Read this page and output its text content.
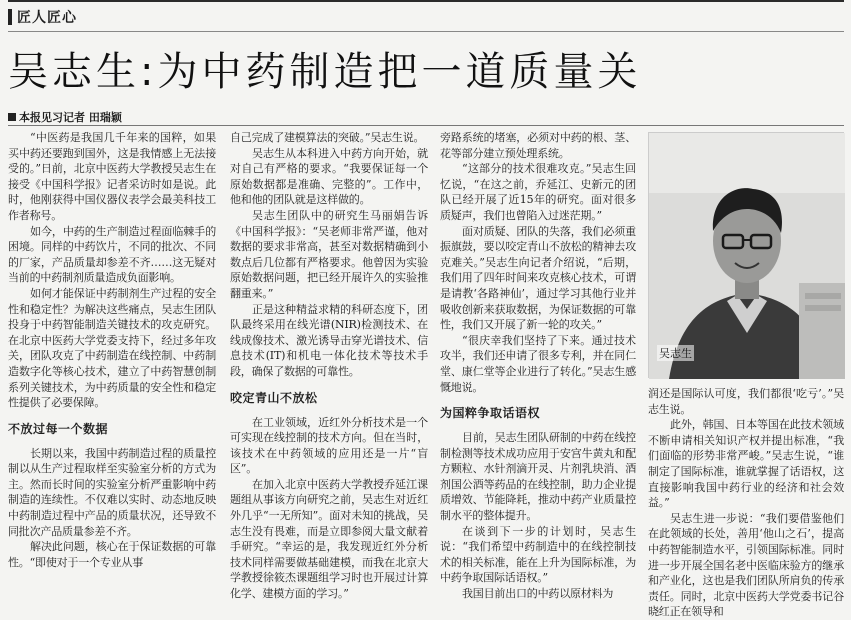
匠人匠心
吴志生:为中药制造把一道质量关
本报见习记者 田瑞颖

“中医药是我国几千年来的国粹，如果买中药还要跑到国外，这是我情感上无法接受的。”日前，北京中医药大学教授吴志生在接受《中国科学报》记者采访时如是说。此时，他刚获得中国仪器仪表学会最美科技工作者称号。

如今，中药的生产制造过程面临棘手的困境。同样的中药饮片，不同的批次、不同的厂家，产品质量却参差不齐……这无疑对当前的中药制剂质量造成负面影响。

如何才能保证中药制剂生产过程的安全性和稳定性？为解决这些痛点，吴志生团队投身于中药智能制造关键技术的攻克研究。在北京中医药大学党委支持下，经过多年攻关，团队攻克了中药制造在线控制、中药制造数字化等核心技术，建立了中药智慧创制系列关键技术，为中药质量的安全性和稳定性提供了必要保障。

不放过每一个数据

长期以来，我国中药制造过程的质量控制以从生产过程取样至实验室分析的方式为主。然而长时间的实验室分析严重影响中药制造的连续性。不仅难以实时、动态地反映中药制造过程中产品的质量状况，还导致不同批次产品质量参差不齐。

解决此问题，核心在于保证数据的可靠性。“即使对于一个专业从事

自己完成了建模算法的突破。”吴志生说。

吴志生从本科进入中药方向开始，就对自己有严格的要求。“我要保证每一个原始数据都是准确、完整的”。工作中，他和他的团队就是这样做的。

吴志生团队中的研究生马丽娟告诉《中国科学报》：“吴老师非常严谨，他对数据的要求非常高，甚至对数据精确到小数点后几位都有严格要求。他曾因为实验原始数据问题，把已经开展许久的实验推翻重来。”

正是这种精益求精的科研态度下，团队最终采用在线光谱(NIR)检测技术、在线成像技术、激光诱导击穿光谱技术、信息技术(IT)和机电一体化技术等技术手段，确保了数据的可靠性。

咬定青山不放松

在工业领域，近红外分析技术是一个可实现在线控制的技术方向。但在当时，该技术在中药领域的应用还是一片“盲区”。

在加入北京中医药大学教授乔延江课题组从事该方向研究之前，吴志生对近红外几乎“一无所知”。面对未知的挑战，吴志生没有畏难，而是立即参阅大量文献着手研究。“幸运的是，我发现近红外分析技术同样需要做基础建模，而我在北京大学教授徐筱杰课题组学习时也开展过计算化学、建模方面的学习。”

旁路系统的堵塞，必须对中药的根、茎、花等部分建立预处理系统。

“这部分的技术很难攻克。”吴志生回忆说，“在这之前，乔延江、史新元的团队已经开展了近15年的研究。面对很多质疑声，我们也曾陷入过迷茫期。”

面对质疑、团队的失落，我们必须重振旗鼓，要以咬定青山不放松的精神去攻克难关。”吴志生向记者介绍说，“后期，我们用了四年时间来攻克核心技术，可谓是请教‘各路神仙’，通过学习其他行业并吸收创新来获取数据，为保证数据的可靠性，我们又开展了新一轮的攻关。”

“很庆幸我们坚持了下来。通过技术攻半，我们还申请了很多专利，并在同仁堂、康仁堂等企业进行了转化。”吴志生感慨地说。

为国粹争取话语权

目前，吴志生团队研制的中药在线控制检测等技术成功应用于安宫牛黄丸和配方颗粒、水针剂滴开灵、片剂乳块消、酒剂国公酒等药品的在线控制，助力企业提质增效、节能降耗，推动中药产业质量控制水平的整体提升。

在谈到下一步的计划时，吴志生说：“我们希望中药制造中的在线控制技术的相关标准，能在上升为国际标准，为中药争取国际话语权。”

我国目前出口的中药以原材料为

吴志生

润还是国际认可度，我们都很‘吃亏’。”吴志生说。

此外，韩国、日本等国在此技术领域不断申请相关知识产权并提出标准，“我们面临的形势非常严峻。”吴志生说，“谁制定了国际标准，谁就掌握了话语权，这直接影响我国中药行业的经济和社会效益。”

吴志生进一步说：“我们要借鉴他们在此领域的长处，善用‘他山之石’，提高中药智能制造水平，引领国际标准。同时进一步开展全国名老中医临床验方的继承和产业化，这也是我们团队所肩负的传承责任。同时，北京中医药大学党委书记谷晓红正在领导和
